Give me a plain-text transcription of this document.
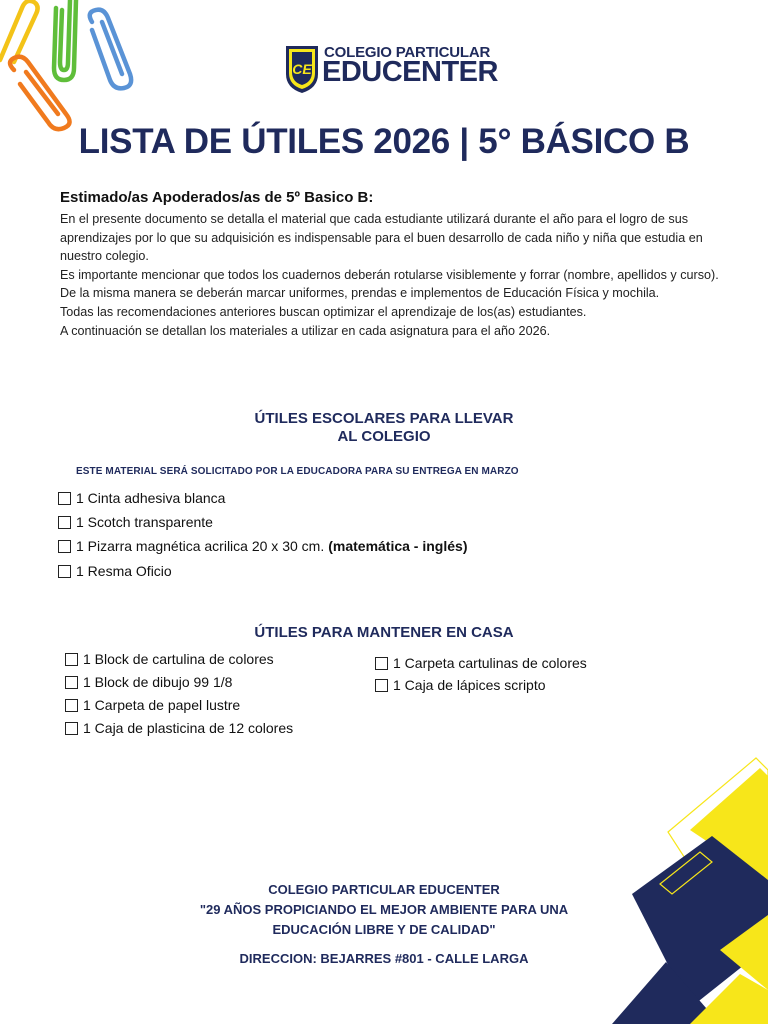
CE
COLEGIO PARTICULAR
EDUCENTER
LISTA DE ÚTILES 2026 | 5° BÁSICO B

Estimado/as Apoderados/as de 5º Basico B:

En el presente documento se detalla el material que cada estudiante utilizará durante el año para el logro de sus aprendizajes por lo que su adquisición es indispensable para el buen desarrollo de cada niño y niña que estudia en nuestro colegio.

Es importante mencionar que todos los cuadernos deberán rotularse visiblemente y forrar (nombre, apellidos y curso). De la misma manera se deberán marcar uniformes, prendas e implementos de Educación Física y mochila.

Todas las recomendaciones anteriores buscan optimizar el aprendizaje de los(as) estudiantes.

A continuación se detallan los materiales a utilizar en cada asignatura para el año 2026.

ÚTILES ESCOLARES PARA LLEVAR
AL COLEGIO
ESTE MATERIAL SERÁ SOLICITADO POR LA EDUCADORA PARA SU ENTREGA EN MARZO
1 Cinta adhesiva blanca
1 Scotch transparente
1 Pizarra magnética acrilica 20 x 30 cm. (matemática - inglés)
1 Resma Oficio
ÚTILES PARA MANTENER EN CASA
1 Block de cartulina de colores
1 Block de dibujo 99 1/8
1 Carpeta de papel lustre
1 Caja de plasticina de 12 colores
1 Carpeta cartulinas de colores
1 Caja de lápices scripto

COLEGIO PARTICULAR EDUCENTER

"29 AÑOS PROPICIANDO EL MEJOR AMBIENTE PARA UNA

EDUCACIÓN LIBRE Y DE CALIDAD"

DIRECCION: BEJARRES #801 - CALLE LARGA
